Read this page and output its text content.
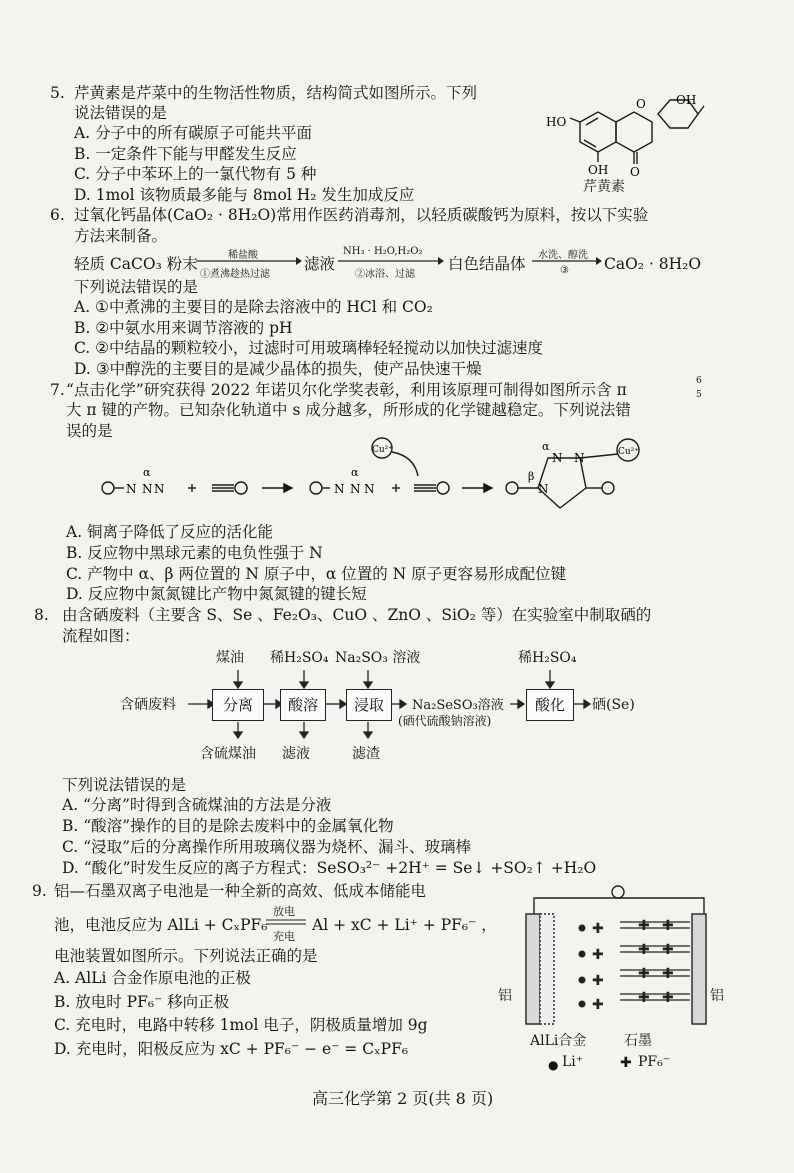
5. 芹黄素是芹菜中的生物活性物质，结构简式如图所示。下列
说法错误的是
A. 分子中的所有碳原子可能共平面
B. 一定条件下能与甲醛发生反应
C. 分子中苯环上的一氯代物有 5 种
D. 1mol 该物质最多能与 8mol H₂ 发生加成反应
HO
OH
OH O
O
芹黄素
6. 过氧化钙晶体(CaO₂ · 8H₂O)常用作医药消毒剂，以轻质碳酸钙为原料，按以下实验
方法来制备。
轻质 CaCO₃ 粉末	稀盐酸
①煮沸趁热过滤
滤液
NH₃ · H₂O,H₂O₂
②冰浴、过滤
白色结晶体 水洗、醇洗
③ CaO₂ · 8H₂O
下列说法错误的是
A. ①中煮沸的主要目的是除去溶液中的 HCl 和 CO₂
B. ②中氨水用来调节溶液的 pH
C. ②中结晶的颗粒较小，过滤时可用玻璃棒轻轻搅动以加快过滤速度
D. ③中醇洗的主要目的是减少晶体的损失，使产品快速干燥
7. “点击化学”研究获得 2022 年诺贝尔化学奖表彰，利用该原理可制得如图所示含 π	6
5
大 π 键的产物。已知杂化轨道中 s 成分越多，所形成的化学键越稳定。下列说法错
误的是
N N N
α
N N N
α
Cu²⁺
N N
N
α
β
Cu²⁺
A. 铜离子降低了反应的活化能
B. 反应物中黑球元素的电负性强于 N
C. 产物中 α、β 两位置的 N 原子中，α 位置的 N 原子更容易形成配位键
D. 反应物中氮氮键比产物中氮氮键的键长短
8. 由含硒废料（主要含 S、Se 、Fe₂O₃、CuO 、ZnO 、SiO₂ 等）在实验室中制取硒的
流程如图：
煤油 稀H₂SO₄ Na₂SO₃ 溶液	稀H₂SO₄
含硒废料	分离	酸溶	浸取	Na₂SeSO₃溶液
(硒代硫酸钠溶液)
酸化	硒(Se)
含硫煤油 滤液	滤渣
下列说法错误的是
A. “分离”时得到含硫煤油的方法是分液
B. “酸溶”操作的目的是除去废料中的金属氧化物
C. “浸取”后的分离操作所用玻璃仪器为烧杯、漏斗、玻璃棒
D. “酸化”时发生反应的离子方程式：SeSO₃²⁻ +2H⁺ = Se↓ +SO₂↑ +H₂O
9. 铝—石墨双离子电池是一种全新的高效、低成本储能电
池，电池反应为 AlLi + CₓPF₆
放电
充电
Al + xC + Li⁺ + PF₆⁻ ，
电池装置如图所示。下列说法正确的是
A. AlLi 合金作原电池的正极
B. 放电时 PF₆⁻ 移向正极
C. 充电时，电路中转移 1mol 电子，阴极质量增加 9g
D. 充电时，阳极反应为 xC + PF₆⁻ − e⁻ = CₓPF₆
✚
✚
✚
✚
✚ ✚
✚ ✚
✚ ✚
✚ ✚
铝	铝
AlLi合金	石墨
● Li⁺	✚ PF₆⁻
高三化学第 2 页(共 8 页)
